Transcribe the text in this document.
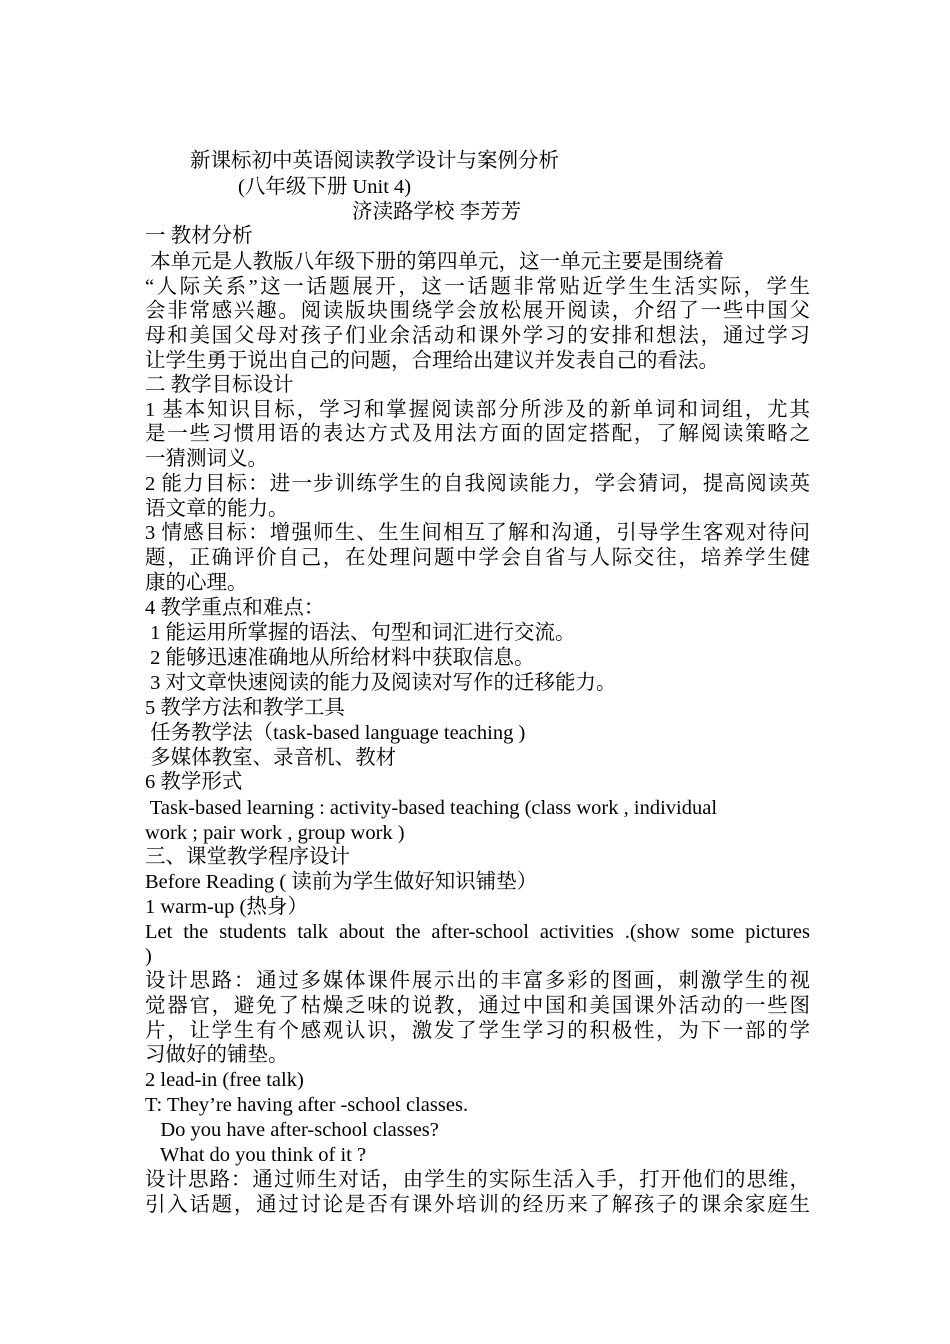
新课标初中英语阅读教学设计与案例分析
(八年级下册 Unit 4)
济渎路学校 李芳芳
一 教材分析
本单元是人教版八年级下册的第四单元，这一单元主要是围绕着
“人际关系”这一话题展开，这一话题非常贴近学生生活实际，学生
会非常感兴趣。阅读版块围绕学会放松展开阅读，介绍了一些中国父
母和美国父母对孩子们业余活动和课外学习的安排和想法，通过学习
让学生勇于说出自己的问题，合理给出建议并发表自己的看法。
二 教学目标设计
1 基本知识目标，学习和掌握阅读部分所涉及的新单词和词组，尤其
是一些习惯用语的表达方式及用法方面的固定搭配，了解阅读策略之
一猜测词义。
2 能力目标：进一步训练学生的自我阅读能力，学会猜词，提高阅读英
语文章的能力。
3 情感目标：增强师生、生生间相互了解和沟通，引导学生客观对待问
题，正确评价自己，在处理问题中学会自省与人际交往，培养学生健
康的心理。
4 教学重点和难点：
1 能运用所掌握的语法、句型和词汇进行交流。
2 能够迅速准确地从所给材料中获取信息。
3 对文章快速阅读的能力及阅读对写作的迁移能力。
5 教学方法和教学工具
任务教学法（task-based language teaching )
多媒体教室、录音机、教材
6 教学形式
Task-based learning : activity-based teaching (class work , individual
work ; pair work , group work )
三、课堂教学程序设计
Before Reading ( 读前为学生做好知识铺垫）
1 warm-up (热身）
Let the students talk about the after-school activities .(show some pictures
)
设计思路：通过多媒体课件展示出的丰富多彩的图画，刺激学生的视
觉器官，避免了枯燥乏味的说教，通过中国和美国课外活动的一些图
片，让学生有个感观认识，激发了学生学习的积极性，为下一部的学
习做好的铺垫。
2 lead-in (free talk)
T: They’re having after -school classes.
Do you have after-school classes?
What do you think of it ?
设计思路：通过师生对话，由学生的实际生活入手，打开他们的思维，
引入话题，通过讨论是否有课外培训的经历来了解孩子的课余家庭生
